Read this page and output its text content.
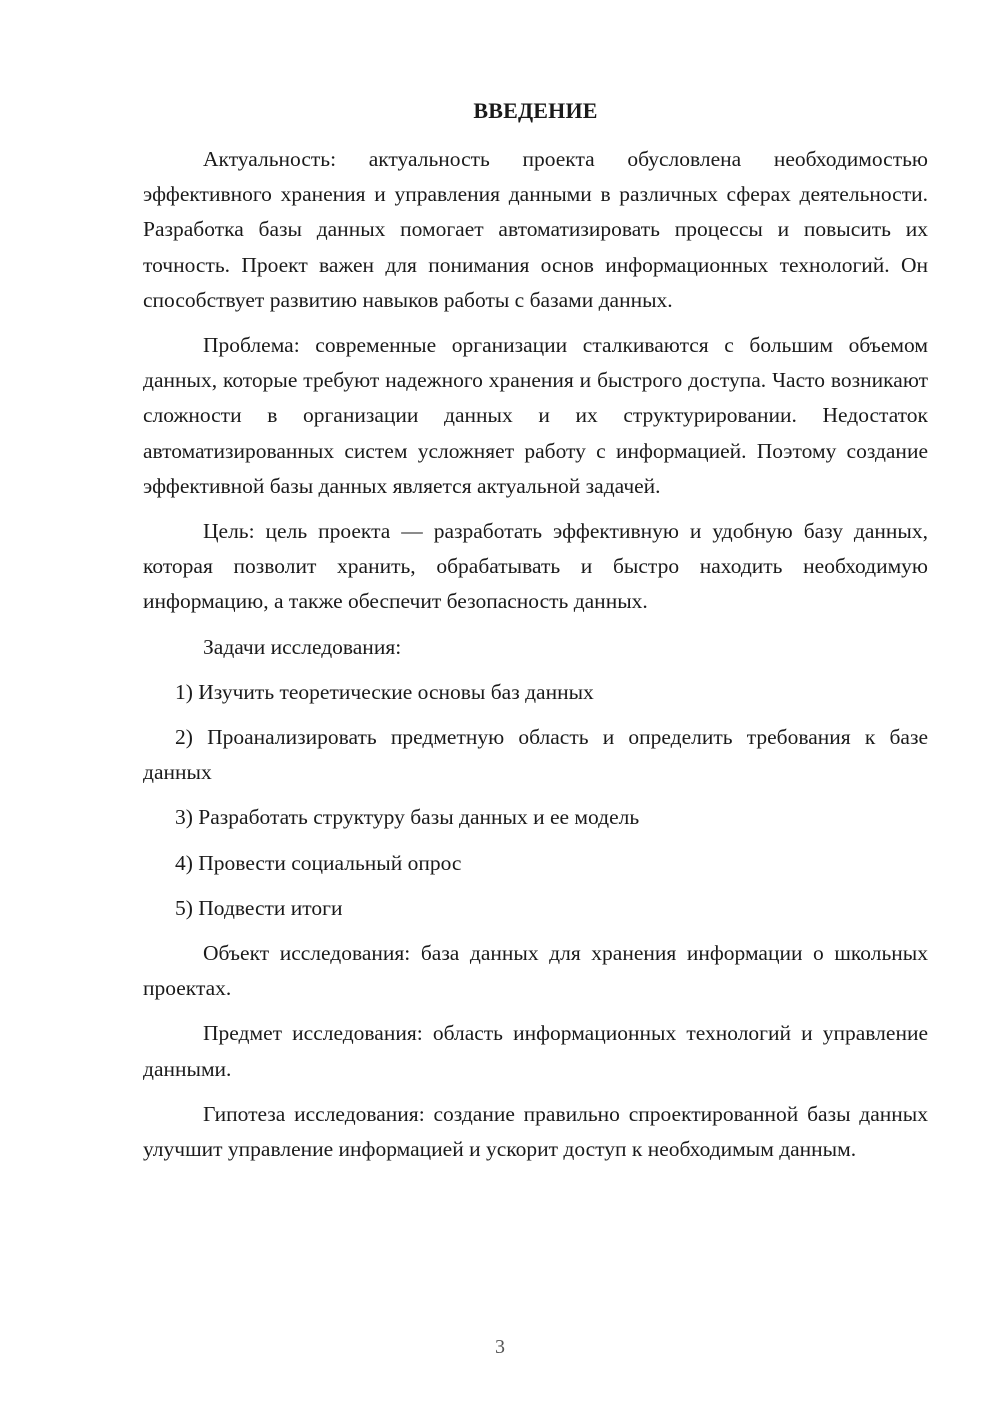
ВВЕДЕНИЕ

Актуальность: актуальность проекта обусловлена необходимостью эффективного хранения и управления данными в различных сферах деятельности. Разработка базы данных помогает автоматизировать процессы и повысить их точность. Проект важен для понимания основ информационных технологий. Он способствует развитию навыков работы с базами данных.

Проблема: современные организации сталкиваются с большим объемом данных, которые требуют надежного хранения и быстрого доступа. Часто возникают сложности в организации данных и их структурировании. Недостаток автоматизированных систем усложняет работу с информацией. Поэтому создание эффективной базы данных является актуальной задачей.

Цель: цель проекта — разработать эффективную и удобную базу данных, которая позволит хранить, обрабатывать и быстро находить необходимую информацию, а также обеспечит безопасность данных.

Задачи исследования:

1) Изучить теоретические основы баз данных

2) Проанализировать предметную область и определить требования к базе данных

3) Разработать структуру базы данных и ее модель

4) Провести социальный опрос

5) Подвести итоги

Объект исследования: база данных для хранения информации о школьных проектах.

Предмет исследования: область информационных технологий и управление данными.

Гипотеза исследования: создание правильно спроектированной базы данных улучшит управление информацией и ускорит доступ к необходимым данным.

3
